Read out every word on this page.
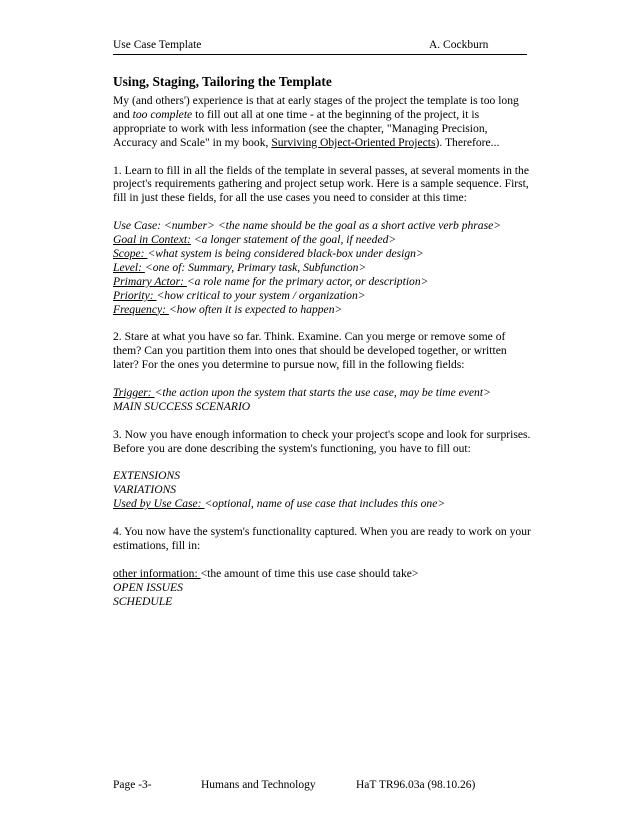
Use Case Template	A. Cockburn
Using, Staging, Tailoring the Template

My (and others') experience is that at early stages of the project the template is too long and too complete to fill out all at one time - at the beginning of the project, it is appropriate to work with less information (see the chapter, "Managing Precision, Accuracy and Scale" in my book, Surviving Object-Oriented Projects). Therefore...

1. Learn to fill in all the fields of the template in several passes, at several moments in the project's requirements gathering and project setup work. Here is a sample sequence. First, fill in just these fields, for all the use cases you need to consider at this time:

Use Case: <number> <the name should be the goal as a short active verb phrase>
Goal in Context: <a longer statement of the goal, if needed>
Scope: <what system is being considered black-box under design>
Level: <one of: Summary, Primary task, Subfunction>
Primary Actor: <a role name for the primary actor, or description>
Priority: <how critical to your system / organization>
Frequency: <how often it is expected to happen>

2. Stare at what you have so far. Think. Examine. Can you merge or remove some of them? Can you partition them into ones that should be developed together, or written later? For the ones you determine to pursue now, fill in the following fields:

Trigger: <the action upon the system that starts the use case, may be time event>
MAIN SUCCESS SCENARIO

3. Now you have enough information to check your project's scope and look for surprises. Before you are done describing the system's functioning, you have to fill out:

EXTENSIONS
VARIATIONS
Used by Use Case: <optional, name of use case that includes this one>

4. You now have the system's functionality captured. When you are ready to work on your estimations, fill in:

other information: <the amount of time this use case should take>
OPEN ISSUES
SCHEDULE
Page -3-	Humans and Technology	HaT TR96.03a (98.10.26)
